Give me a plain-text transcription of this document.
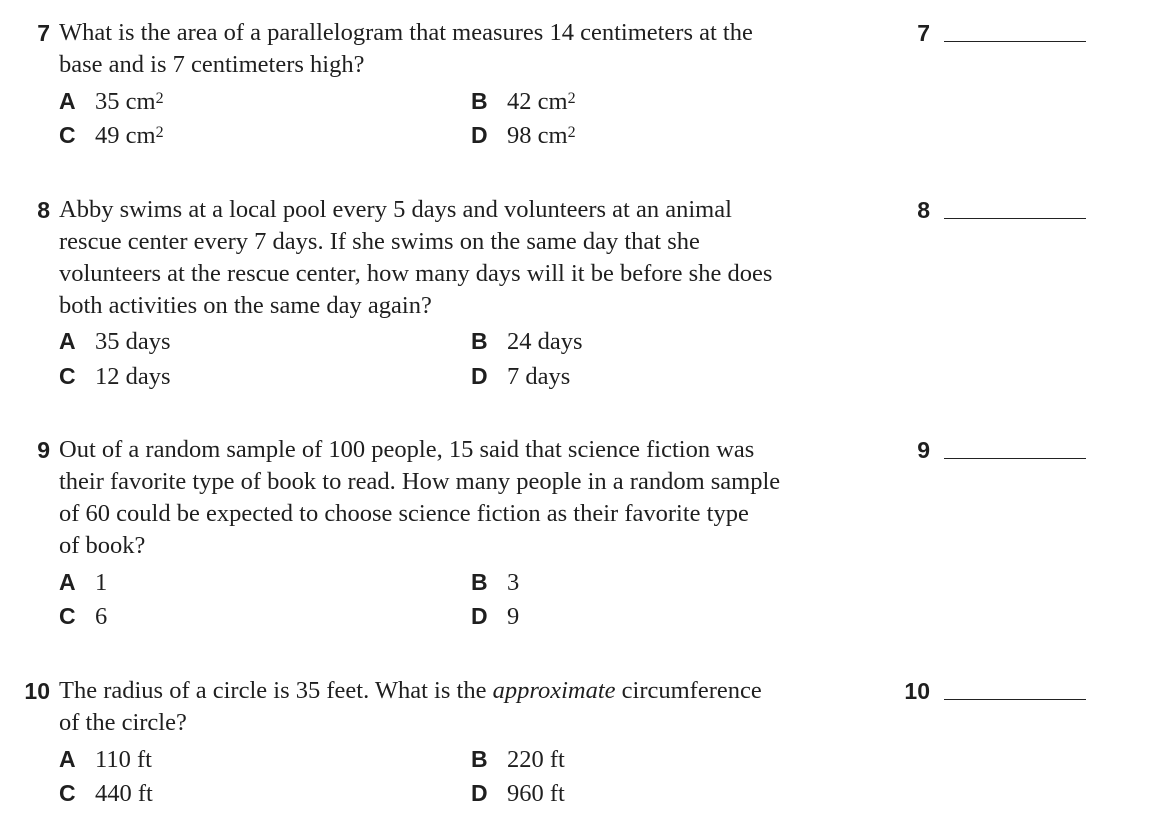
7 What is the area of a parallelogram that measures 14 centimeters at the
base and is 7 centimeters high?
A 35 $cm^2$	B 42 $cm^2$
C 49 $cm^2$	D 98 $cm^2$
7
8 Abby swims at a local pool every 5 days and volunteers at an animal
rescue center every 7 days. If she swims on the same day that she
volunteers at the rescue center, how many days will it be before she does
both activities on the same day again?
A 35 days	B 24 days
C 12 days	D 7 days
8
9 Out of a random sample of 100 people, 15 said that science fiction was
their favorite type of book to read. How many people in a random sample
of 60 could be expected to choose science fiction as their favorite type
of book?
A 1	B 3
C 6	D 9
9
10 The radius of a circle is 35 feet. What is the approximate circumference
of the circle?
A 110 ft	B 220 ft
C 440 ft	D 960 ft
10
